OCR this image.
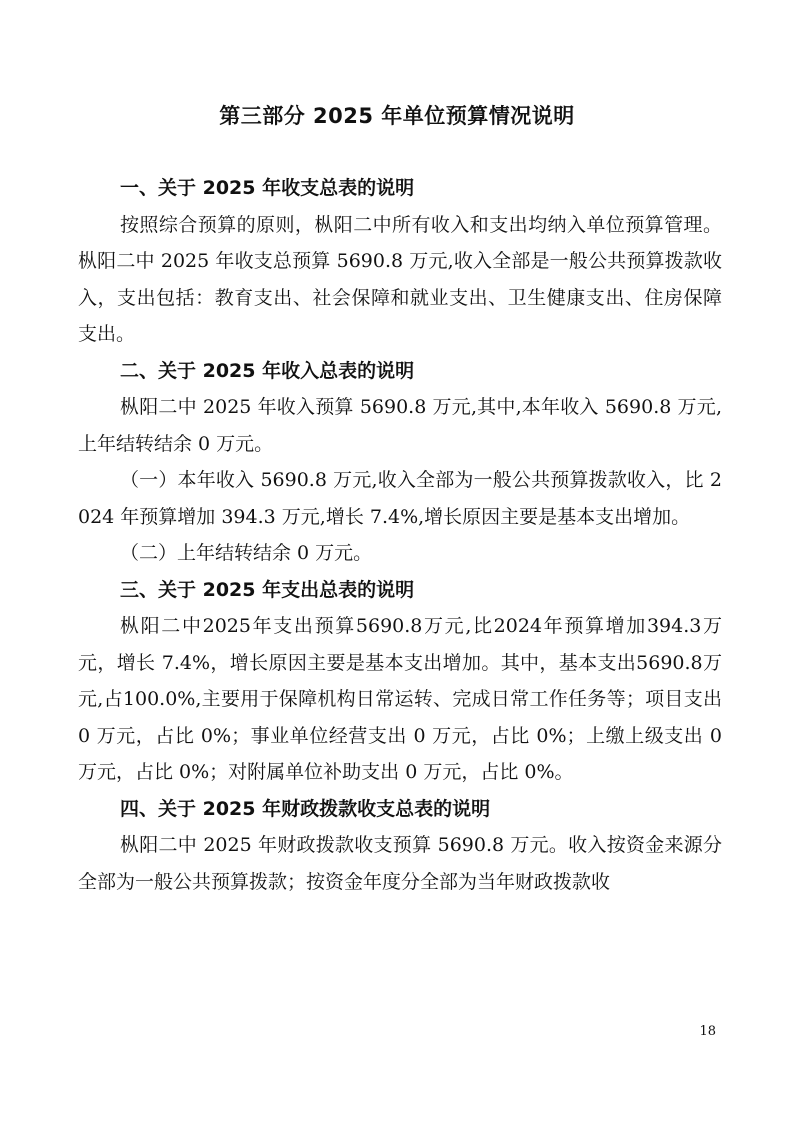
第三部分 2025 年单位预算情况说明

一、关于 2025 年收支总表的说明

按照综合预算的原则，枞阳二中所有收入和支出均纳入单位预算管理。枞阳二中 2025 年收支总预算 5690.8 万元,收入全部是一般公共预算拨款收入，支出包括：教育支出、社会保障和就业支出、卫生健康支出、住房保障支出。

二、关于 2025 年收入总表的说明

枞阳二中 2025 年收入预算 5690.8 万元,其中,本年收入 5690.8 万元,上年结转结余 0 万元。

（一）本年收入 5690.8 万元,收入全部为一般公共预算拨款收入，比 2024 年预算增加 394.3 万元,增长 7.4%,增长原因主要是基本支出增加。

（二）上年结转结余 0 万元。

三、关于 2025 年支出总表的说明

枞阳二中2025年支出预算5690.8万元,比2024年预算增加394.3万元，增长 7.4%，增长原因主要是基本支出增加。其中，基本支出5690.8万元,占100.0%,主要用于保障机构日常运转、完成日常工作任务等；项目支出 0 万元，占比 0%；事业单位经营支出 0 万元，占比 0%；上缴上级支出 0 万元，占比 0%；对附属单位补助支出 0 万元，占比 0%。

四、关于 2025 年财政拨款收支总表的说明

枞阳二中 2025 年财政拨款收支预算 5690.8 万元。收入按资金来源分全部为一般公共预算拨款；按资金年度分全部为当年财政拨款收

18
